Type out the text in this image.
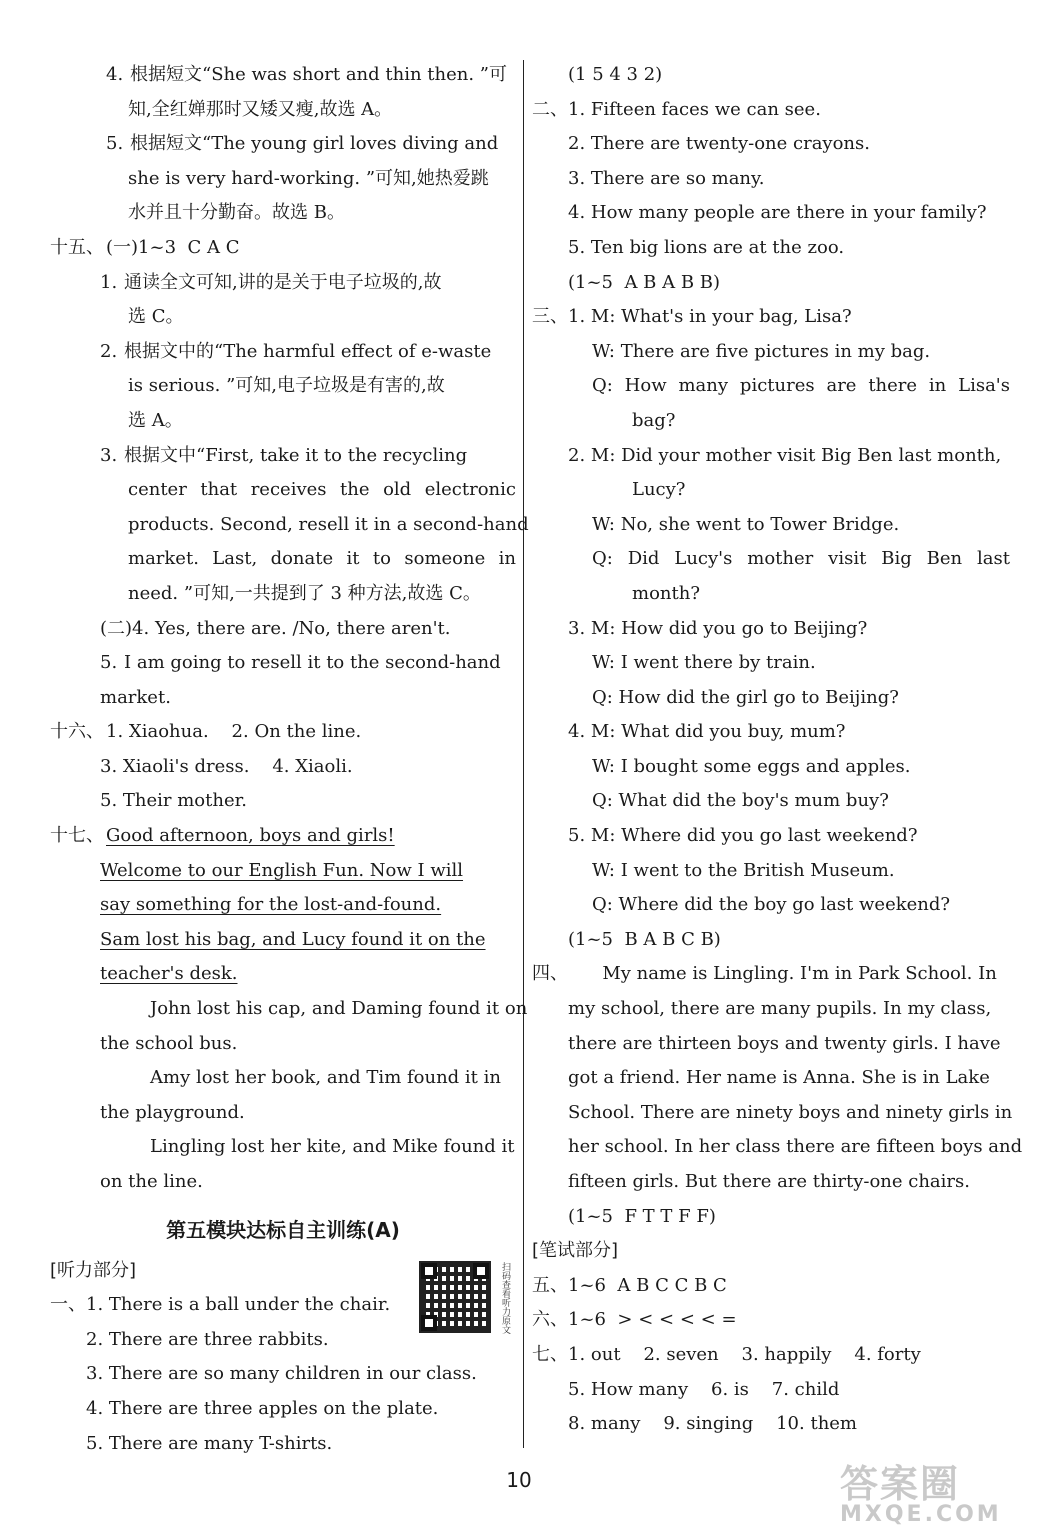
4. 根据短文“She was short and thin then. ”可
知,全红婵那时又矮又瘦,故选 A。
5. 根据短文“The young girl loves diving and
she is very hard-working. ”可知,她热爱跳
水并且十分勤奋。故选 B。
十五、 (一)1~3  C A C
1. 通读全文可知,讲的是关于电子垃圾的,故
选 C。
2. 根据文中的“The harmful effect of e-waste
is serious. ”可知,电子垃圾是有害的,故
选 A。
3. 根据文中“First, take it to the recycling
center that receives the old electronic
products. Second, resell it in a second-hand
market. Last, donate it to someone in
need. ”可知,一共提到了 3 种方法,故选 C。
(二)4. Yes, there are. /No, there aren't.
5. I am going to resell it to the second-hand
market.
十六、 1. Xiaohua.    2. On the line.
3. Xiaoli's dress.    4. Xiaoli.
5. Their mother.
十七、 Good afternoon, boys and girls!
Welcome to our English Fun. Now I will
say something for the lost-and-found.
Sam lost his bag, and Lucy found it on the
teacher's desk.
John lost his cap, and Daming found it on
the school bus.
Amy lost her book, and Tim found it in
the playground.
Lingling lost her kite, and Mike found it
on the line.
第五模块达标自主训练(A)
[听力部分]
一、1. There is a ball under the chair.
2. There are three rabbits.
3. There are so many children in our class.
4. There are three apples on the plate.
5. There are many T-shirts.
(1 5 4 3 2)
二、1. Fifteen faces we can see.
2. There are twenty-one crayons.
3. There are so many.
4. How many people are there in your family?
5. Ten big lions are at the zoo.
(1~5  A B A B B)
三、1. M: What's in your bag, Lisa?
W: There are five pictures in my bag.
Q: How many pictures are there in Lisa's
bag?
2. M: Did your mother visit Big Ben last month,
Lucy?
W: No, she went to Tower Bridge.
Q: Did Lucy's mother visit Big Ben last
month?
3. M: How did you go to Beijing?
W: I went there by train.
Q: How did the girl go to Beijing?
4. M: What did you buy, mum?
W: I bought some eggs and apples.
Q: What did the boy's mum buy?
5. M: Where did you go last weekend?
W: I went to the British Museum.
Q: Where did the boy go last weekend?
(1~5  B A B C B)
四、      My name is Lingling. I'm in Park School. In
my school, there are many pupils. In my class,
there are thirteen boys and twenty girls. I have
got a friend. Her name is Anna. She is in Lake
School. There are ninety boys and ninety girls in
her school. In her class there are fifteen boys and
fifteen girls. But there are thirty-one chairs.
(1~5  F T T F F)
[笔试部分]
五、1~6  A B C C B C
六、1~6  > < < < < =
七、1. out    2. seven    3. happily    4. forty
5. How many    6. is    7. child
8. many    9. singing    10. them
扫码查看听力原文
10	答案圈
MXQE.COM
